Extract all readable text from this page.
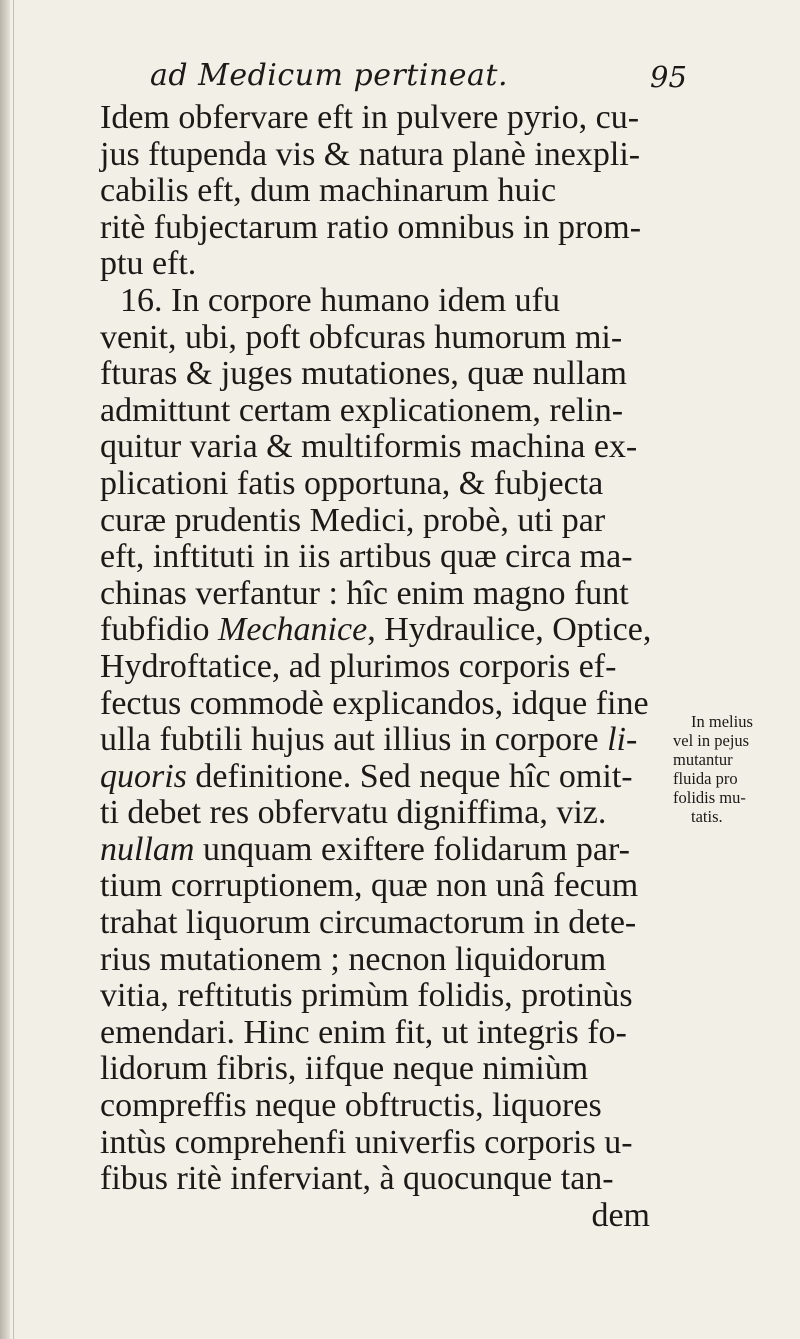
ad Medicum pertineat.	95
Idem obfervare eft in pulvere pyrio, cu-
jus ftupenda vis & natura planè inexpli-
cabilis eft, dum machinarum huic
ritè fubjectarum ratio omnibus in prom-
ptu eft.
16. In corpore humano idem ufu
venit, ubi, poft obfcuras humorum mi-
fturas & juges mutationes, quæ nullam
admittunt certam explicationem, relin-
quitur varia & multiformis machina ex-
plicationi fatis opportuna, & fubjecta
curæ prudentis Medici, probè, uti par
eft, inftituti in iis artibus quæ circa ma-
chinas verfantur : hîc enim magno funt
fubfidio Mechanice, Hydraulice, Optice,
Hydroftatice, ad plurimos corporis ef-
fectus commodè explicandos, idque fine
ulla fubtili hujus aut illius in corpore li-
quoris definitione. Sed neque hîc omit-
ti debet res obfervatu digniffima, viz.
nullam unquam exiftere folidarum par-
tium corruptionem, quæ non unâ fecum
trahat liquorum circumactorum in dete-
rius mutationem ; necnon liquidorum
vitia, reftitutis primùm folidis, protinùs
emendari. Hinc enim fit, ut integris fo-
lidorum fibris, iifque neque nimiùm
compreffis neque obftructis, liquores
intùs comprehenfi univerfis corporis u-
fibus ritè inferviant, à quocunque tan-
dem
In melius
vel in pejus
mutantur
fluida pro
folidis mu-
tatis.
